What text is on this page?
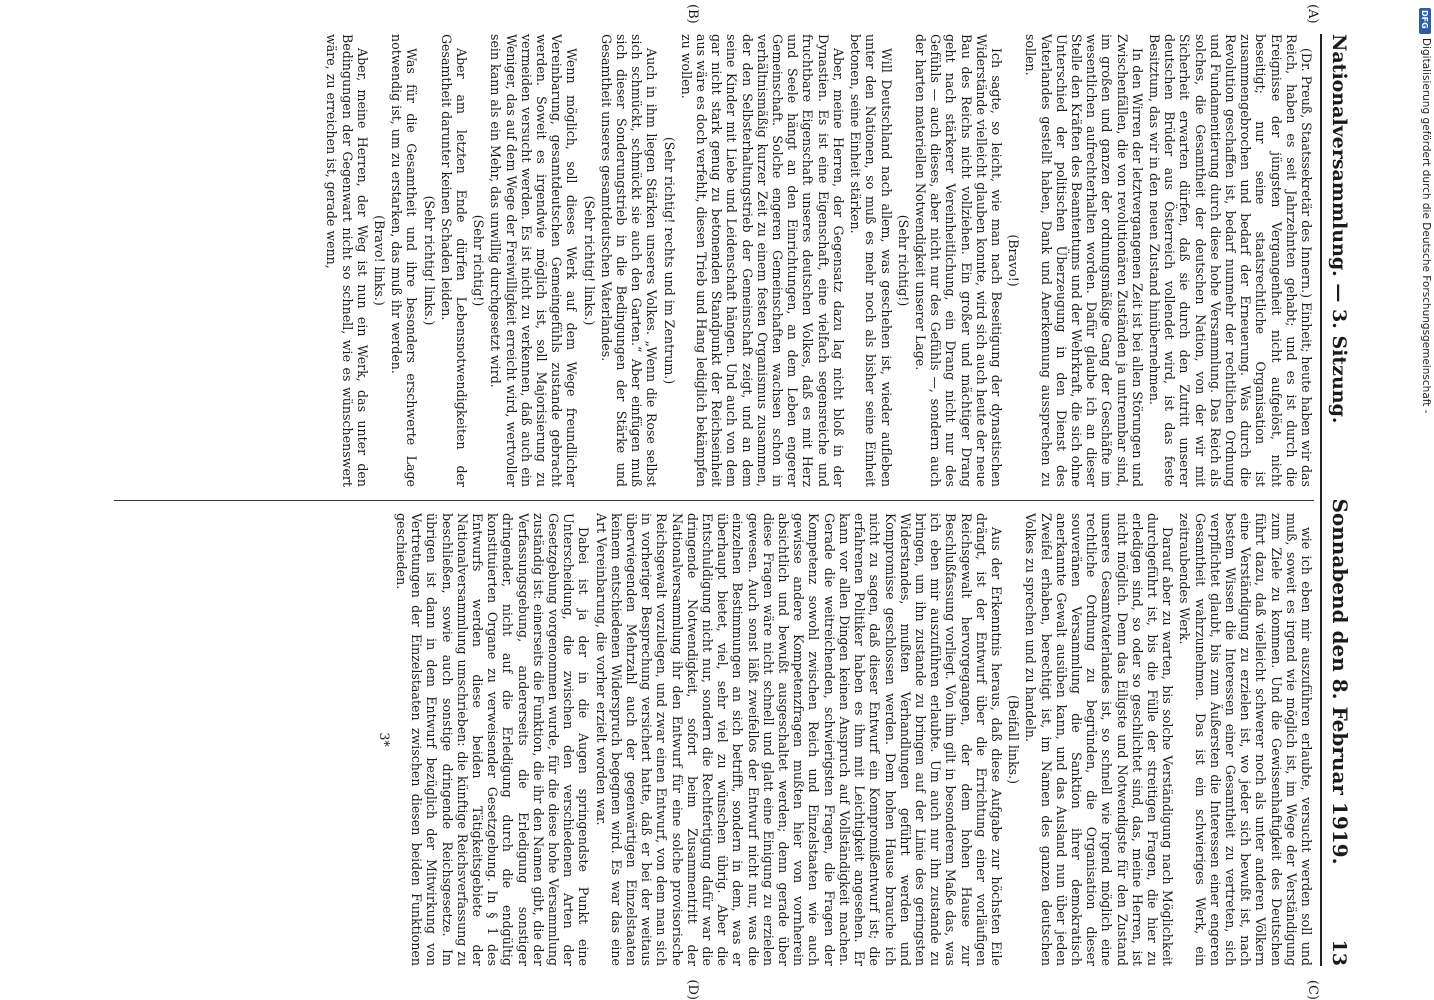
Nationalversammlung. — 3. Sitzung.
Sonnabend den 8. Februar 1919.
13

(Dr. Preuß, Staatssekretär des Innern.) Einheit; heute haben wir das Reich, haben es seit Jahrzehnten gehabt; und es ist durch die Ereignisse der jüngsten Vergangenheit nicht aufgelöst, nicht beseitigt; nur seine staatsrechtliche Organisation ist zusammengebrochen und bedarf der Erneuerung. Was durch die Revolution geschaffen ist, bedarf nunmehr der rechtlichen Ordnung und Fundamentierung durch diese hohe Versammlung. Das Reich als solches, die Gesamtheit der deutschen Nation, von der wir mit Sicherheit erwarten dürfen, daß sie durch den Zutritt unserer deutschen Brüder aus Österreich vollendet wird, ist das feste Besitztum, das wir in den neuen Zustand hinübernehmen.

In den Wirren der letztvergangenen Zeit ist bei allen Störungen und Zwischenfällen, die von revolutionären Zuständen ja untrennbar sind, im großen und ganzen der ordnungsmäßige Gang der Geschäfte im wesentlichen aufrechterhalten worden. Dafür glaube ich an dieser Stelle den Kräften des Beamtentums und der Wehrkraft, die sich ohne Unterschied der politischen Überzeugung in den Dienst des Vaterlandes gestellt haben, Dank und Anerkennung aussprechen zu sollen.

(Bravo!)

Ich sagte, so leicht, wie man nach Beseitigung der dynastischen Widerstände vielleicht glauben konnte, wird sich auch heute der neue Bau des Reichs nicht vollziehen. Ein großer und mächtiger Drang geht nach stärkerer Vereinheitlichung, ein Drang nicht nur des Gefühls — auch dieses, aber nicht nur des Gefühls —, sondern auch der harten materiellen Notwendigkeit unserer Lage.

(Sehr richtig!)

Will Deutschland nach allem, was geschehen ist, wieder aufleben unter den Nationen, so muß es mehr noch als bisher seine Einheit betonen, seine Einheit stärken.

Aber, meine Herren, der Gegensatz dazu lag nicht bloß in der Dynastien. Es ist eine Eigenschaft, eine vielfach segensreiche und fruchtbare Eigenschaft unseres deutschen Volkes, daß es mit Herz und Seele hängt an den Einrichtungen, an dem Leben engerer Gemeinschaft. Solche engeren Gemeinschaften wachsen schon in verhältnismäßig kurzer Zeit zu einem festen Organismus zusammen, der den Selbsterhaltungstrieb der Gemeinschaft zeigt, und an dem seine Kinder mit Liebe und Leidenschaft hängen. Und auch von dem gar nicht stark genug zu betonenden Standpunkt der Reichseinheit aus wäre es doch verfehlt, diesen Trieb und Hang lediglich bekämpfen zu wollen.

(Sehr richtig! rechts und im Zentrum.)

Auch in ihm liegen Stärken unseres Volkes. „Wenn die Rose selbst sich schmückt, schmückt sie auch den Garten.“ Aber einfügen muß sich dieser Sonderungstrieb in die Bedingungen der Stärke und Gesamtheit unseres gesamtdeutschen Vaterlandes.

(Sehr richtig! links.)

Wenn möglich, soll dieses Werk auf dem Wege freundlicher Vereinbarung, gesamtdeutschen Gemeingefühls zustande gebracht werden. Soweit es irgendwie möglich ist, soll Majorisierung zu vermeiden versucht werden. Es ist nicht zu verkennen, daß auch ein Weniger, das auf dem Wege der Freiwilligkeit erreicht wird, wertvoller sein kann als ein Mehr, das unwillig durchgesetzt wird.

(Sehr richtig!)

Aber am letzten Ende dürfen Lebensnotwendigkeiten der Gesamtheit darunter keinen Schaden leiden.

(Sehr richtig! links.)

Was für die Gesamtheit und ihre besonders erschwerte Lage notwendig ist, um zu erstarken, das muß ihr werden.

(Bravo! links.)

Aber, meine Herren, der Weg ist nun ein Werk, das unter den Bedingungen der Gegenwart nicht so schnell, wie es wünschenswert wäre, zu erreichen ist, gerade wenn,

wie ich eben mir auszuführen erlaubte, versucht werden soll und muß, soweit es irgend wie möglich ist, im Wege der Verständigung zum Ziele zu kommen. Und die Gewissenhaftigkeit des Deutschen führt dazu, daß vielleicht schwerer noch als unter anderen Völkern eine Verständigung zu erzielen ist, wo jeder sich bewußt ist, nach bestem Wissen die Interessen einer Gesamtheit zu vertreten, sich verpflichtet glaubt, bis zum Äußersten die Interessen einer engeren Gesamtheit wahrzunehmen. Das ist ein schwieriges Werk, ein zeitraubendes Werk.

Darauf aber zu warten, bis solche Verständigung nach Möglichkeit durchgeführt ist, bis die Fülle der streitigen Fragen, die hier zu erledigen sind, so oder so geschlichtet sind, das, meine Herren, ist nicht möglich. Denn das Eiligste und Notwendigste für den Zustand unseres Gesamtvaterlandes ist, so schnell wie irgend möglich eine rechtliche Ordnung zu begründen, die Organisation dieser souveränen Versammlung die Sanktion ihrer demokratisch anerkannte Gewalt ausüben kann, und das Ausland nun über jeden Zweifel erhaben, berechtigt ist, im Namen des ganzen deutschen Volkes zu sprechen und zu handeln.

(Beifall links.)

Aus der Erkenntnis heraus, daß diese Aufgabe zur höchsten Eile drängt, ist der Entwurf über die Errichtung einer vorläufigen Reichsgewalt hervorgegangen, der dem hohen Hause zur Beschlußfassung vorliegt. Von ihm gilt in besonderem Maße das, was ich eben mir auszuführen erlaubte. Um auch nur ihn zustande zu bringen, um ihn zustande zu bringen auf der Linie des geringsten Widerstandes, mußten Verhandlungen geführt werden und Kompromisse geschlossen werden. Dem hohen Hause brauche ich nicht zu sagen, daß dieser Entwurf ein Kompromißentwurf ist; die erfahrenen Politiker haben es ihm mit Leichtigkeit angesehen. Er kann vor allen Dingen keinen Anspruch auf Vollständigkeit machen. Gerade die weitreichenden, schwierigsten Fragen, die Fragen der Kompetenz sowohl zwischen Reich und Einzelstaaten wie auch gewisse andere Kompetenzfragen mußten hier von vornherein absichtlich und bewußt ausgeschaltet werden; denn gerade über diese Fragen wäre nicht schnell und glatt eine Einigung zu erzielen gewesen. Auch sonst läßt zweifellos der Entwurf nicht nur, was die einzelnen Bestimmungen an sich betrifft, sondern in dem, was er überhaupt bietet, viel, sehr viel zu wünschen übrig. Aber die Entschuldigung nicht nur, sondern die Rechtfertigung dafür war die dringende Notwendigkeit, sofort beim Zusammentritt der Nationalversammlung ihr den Entwurf für eine solche provisorische Reichsgewalt vorzulegen, und zwar einen Entwurf, von dem man sich in vorheriger Besprechung versichert hatte, daß er bei der weitaus überwiegenden Mehrzahl auch der gegenwärtigen Einzelstaaten keinem entschiedenen Widerspruch begegnen wird. Es war das eine Art Vereinbarung, die vorher erzielt worden war.

Dabei ist ja der in die Augen springendste Punkt eine Unterscheidung, die zwischen den verschiedenen Arten der Gesetzgebung vorgenommen wurde, für die diese hohe Versammlung zuständig ist: einerseits die Funktion, die ihr den Namen gibt, die der Verfassungsgebung, andererseits die Erledigung sonstiger dringender, nicht auf die Erledigung durch die endgültig konstituierten Organe zu verweisender Gesetzgebung. In § 1 des Entwurfs werden diese beiden Tätigkeitsgebiete der Nationalversammlung umschrieben: die künftige Reichsverfassung zu beschließen, sowie auch sonstige dringende Reichsgesetze. Im übrigen ist dann in dem Entwurf bezüglich der Mitwirkung von Vertretungen der Einzelstaaten zwischen diesen beiden Funktionen geschieden.

3*

(A)
(B)
(C)
(D)
DFG
Digitalisierung gefördert durch die Deutsche Forschungsgemeinschaft -
